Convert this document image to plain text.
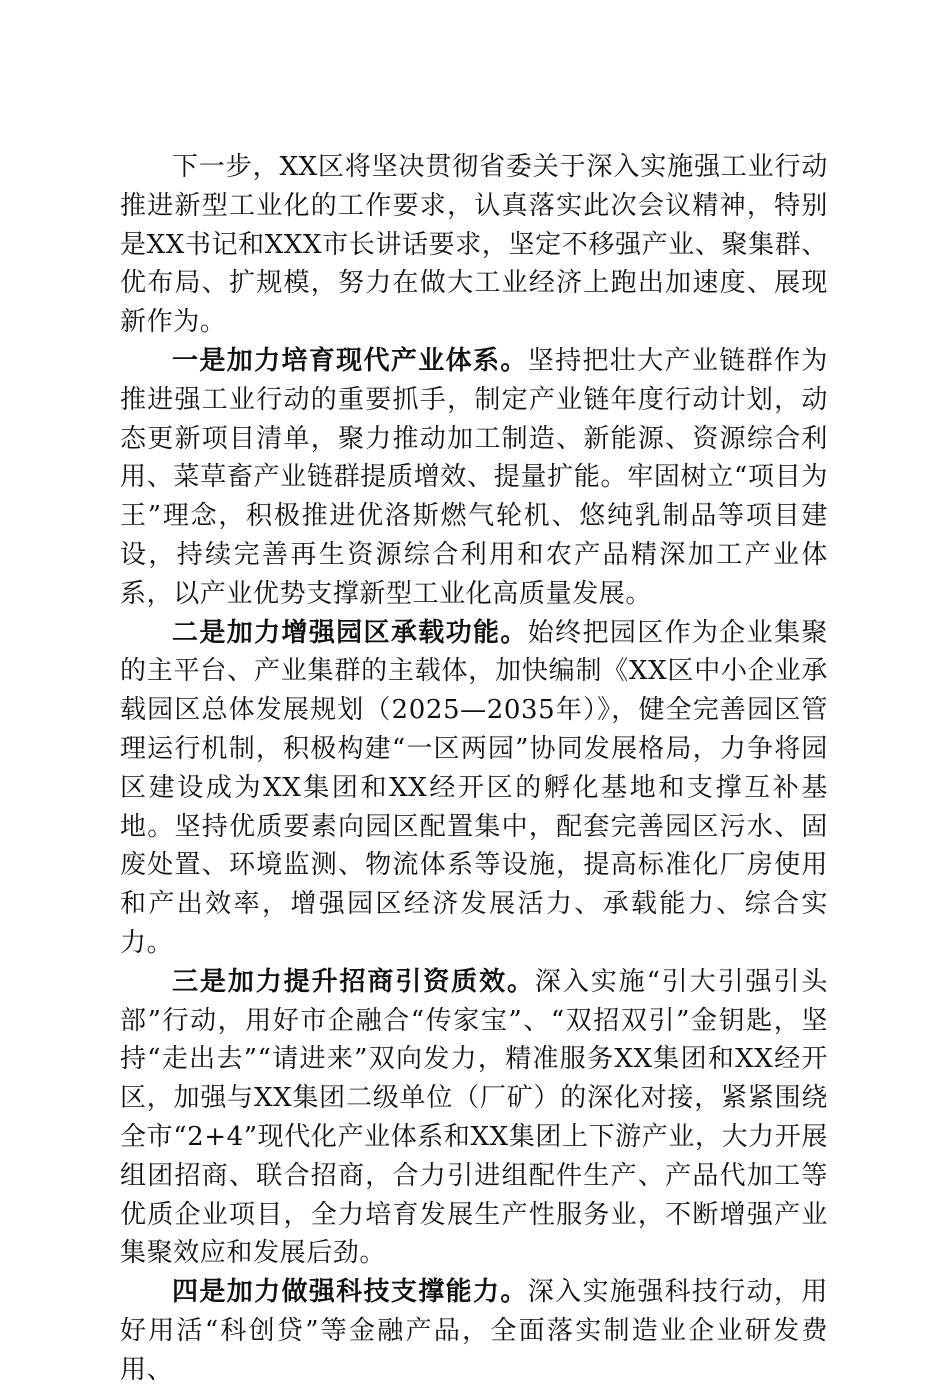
下一步，XX区将坚决贯彻省委关于深入实施强工业行动推进新型工业化的工作要求，认真落实此次会议精神，特别是XX书记和XXX市长讲话要求，坚定不移强产业、聚集群、优布局、扩规模，努力在做大工业经济上跑出加速度、展现新作为。

一是加力培育现代产业体系。坚持把壮大产业链群作为推进强工业行动的重要抓手，制定产业链年度行动计划，动态更新项目清单，聚力推动加工制造、新能源、资源综合利用、菜草畜产业链群提质增效、提量扩能。牢固树立“项目为王”理念，积极推进优洛斯燃气轮机、悠纯乳制品等项目建设，持续完善再生资源综合利用和农产品精深加工产业体系，以产业优势支撑新型工业化高质量发展。

二是加力增强园区承载功能。始终把园区作为企业集聚的主平台、产业集群的主载体，加快编制《XX区中小企业承载园区总体发展规划（2025—2035年）》，健全完善园区管理运行机制，积极构建“一区两园”协同发展格局，力争将园区建设成为XX集团和XX经开区的孵化基地和支撑互补基地。坚持优质要素向园区配置集中，配套完善园区污水、固废处置、环境监测、物流体系等设施，提高标准化厂房使用和产出效率，增强园区经济发展活力、承载能力、综合实力。

三是加力提升招商引资质效。深入实施“引大引强引头部”行动，用好市企融合“传家宝”、“双招双引”金钥匙，坚持“走出去”“请进来”双向发力，精准服务XX集团和XX经开区，加强与XX集团二级单位（厂矿）的深化对接，紧紧围绕全市“2+4”现代化产业体系和XX集团上下游产业，大力开展组团招商、联合招商，合力引进组配件生产、产品代加工等优质企业项目，全力培育发展生产性服务业，不断增强产业集聚效应和发展后劲。

四是加力做强科技支撑能力。深入实施强科技行动，用好用活“科创贷”等金融产品，全面落实制造业企业研发费用、
